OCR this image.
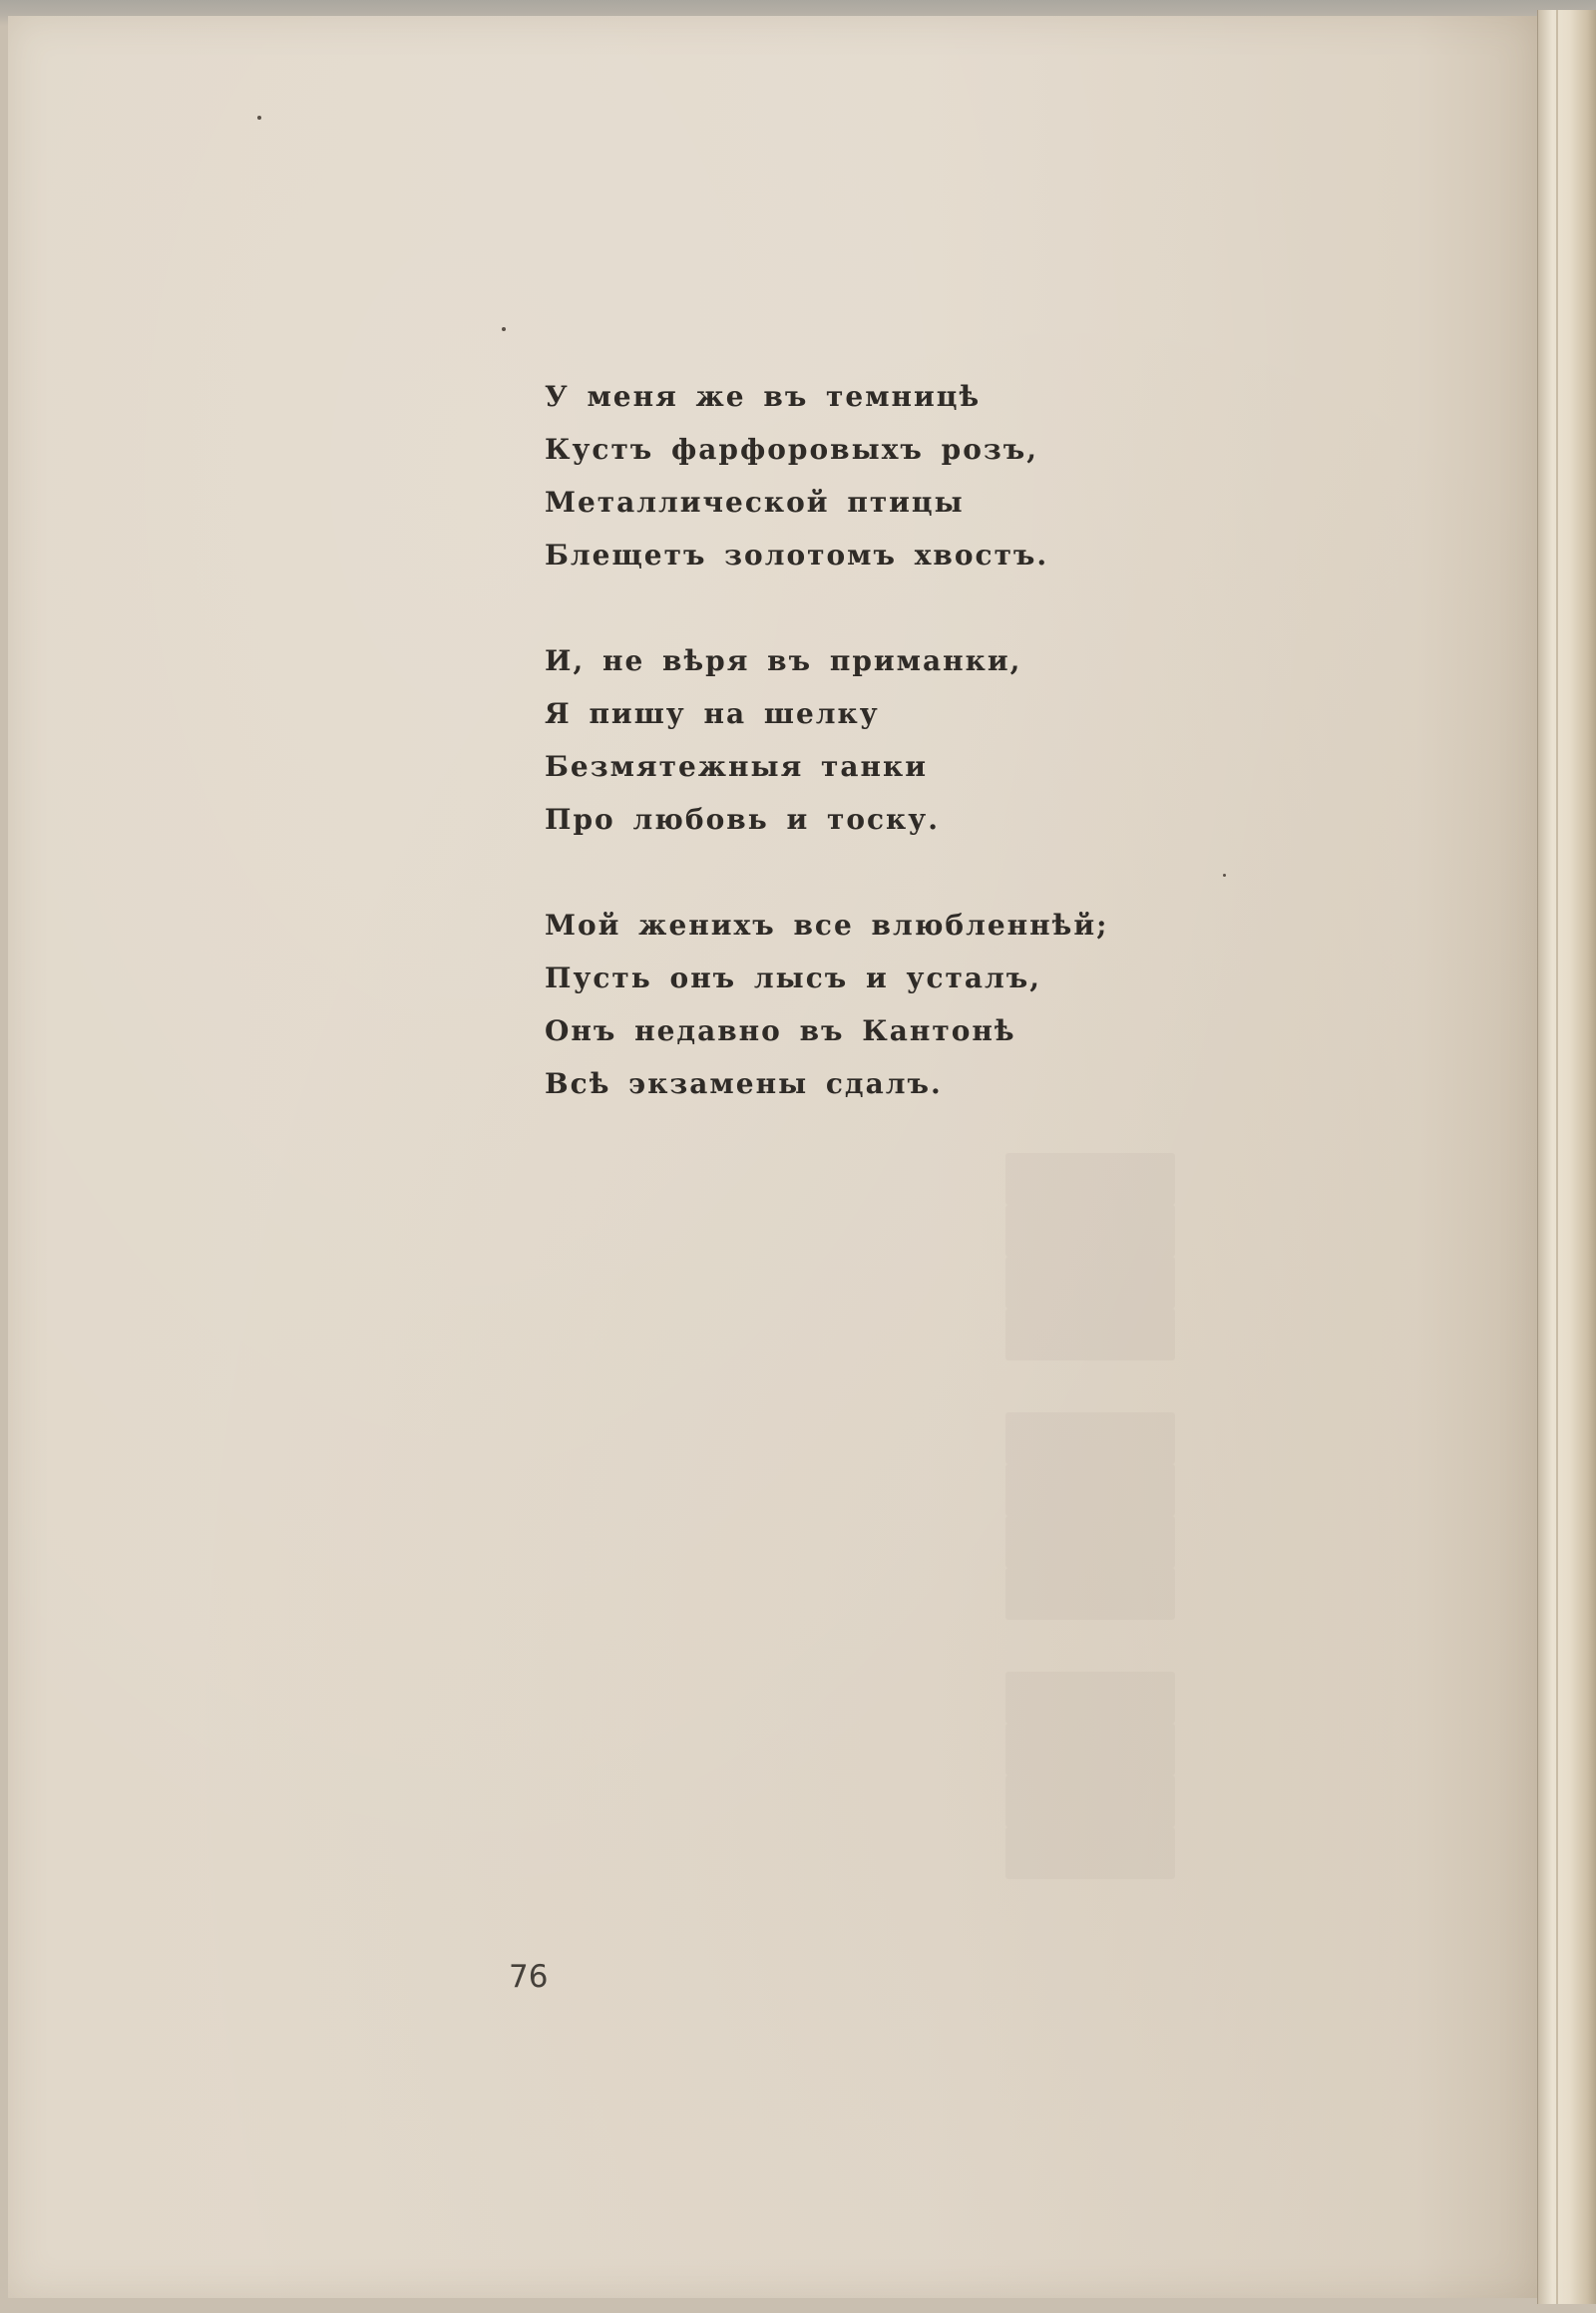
У меня же въ темницѣ
Кустъ фарфоровыхъ розъ,
Металлической птицы
Блещетъ золотомъ хвостъ.
И, не вѣря въ приманки,
Я пишу на шелку
Безмятежныя танки
Про любовь и тоску.
Мой женихъ все влюбленнѣй;
Пусть онъ лысъ и усталъ,
Онъ недавно въ Кантонѣ
Всѣ экзамены сдалъ.
76
